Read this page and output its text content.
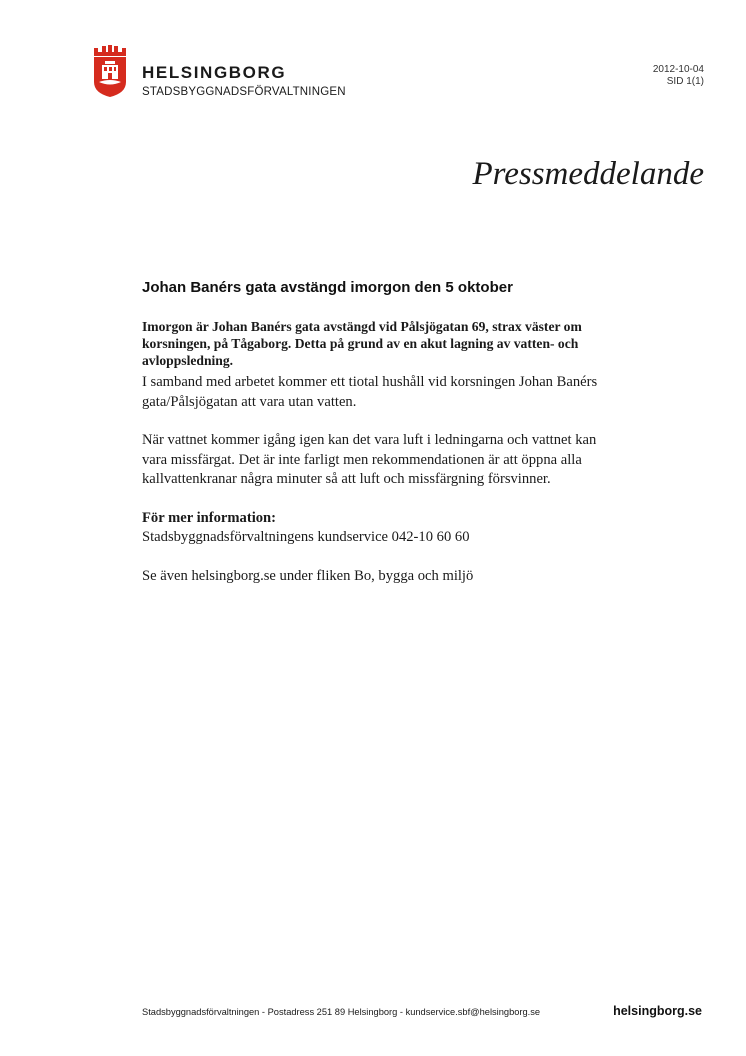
HELSINGBORG
STADSBYGGNADSFÖRVALTNINGEN
2012-10-04
SID 1(1)
Pressmeddelande
Johan Banérs gata avstängd imorgon den 5 oktober

Imorgon är Johan Banérs gata avstängd vid Pålsjögatan 69, strax väster om korsningen, på Tågaborg. Detta på grund av en akut lagning av vatten- och avloppsledning.

I samband med arbetet kommer ett tiotal hushåll vid korsningen Johan Banérs gata/Pålsjögatan att vara utan vatten.

När vattnet kommer igång igen kan det vara luft i ledningarna och vattnet kan vara missfärgat. Det är inte farligt men rekommendationen är att öppna alla kallvattenkranar några minuter så att luft och missfärgning försvinner.

För mer information:

Stadsbyggnadsförvaltningens kundservice 042-10 60 60

Se även helsingborg.se under fliken Bo, bygga och miljö

Stadsbyggnadsförvaltningen - Postadress 251 89 Helsingborg - kundservice.sbf@helsingborg.se	helsingborg.se
